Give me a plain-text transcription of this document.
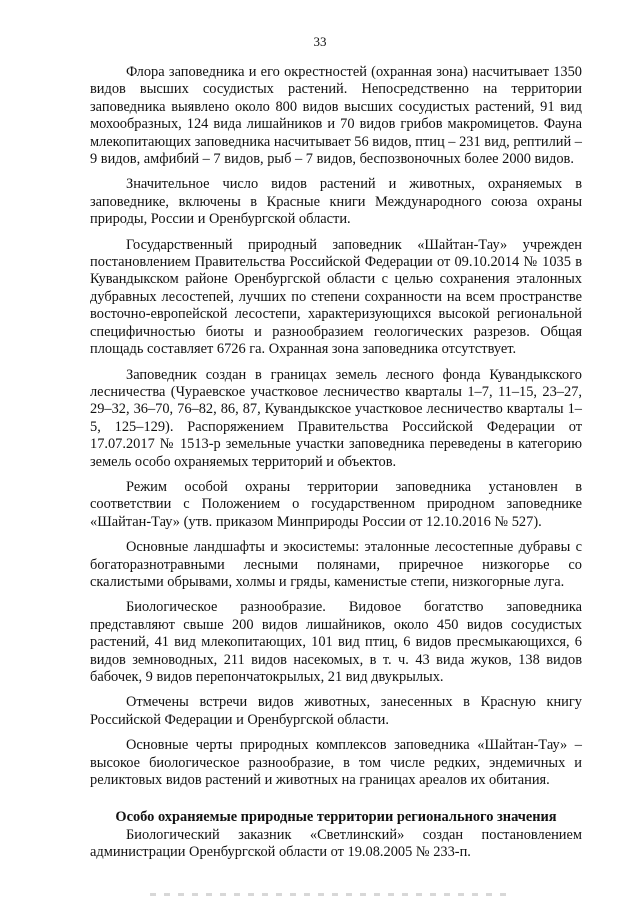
33

Флора заповедника и его окрестностей (охранная зона) насчитывает 1350 видов высших сосудистых растений. Непосредственно на территории заповедника выявлено около 800 видов высших сосудистых растений, 91 вид мохообразных, 124 вида лишайников и 70 видов грибов макромицетов. Фауна млекопитающих заповедника насчитывает 56 видов, птиц – 231 вид, рептилий – 9 видов, амфибий – 7 видов, рыб – 7 видов, беспозвоночных более 2000 видов.

Значительное число видов растений и животных, охраняемых в заповеднике, включены в Красные книги Международного союза охраны природы, России и Оренбургской области.

Государственный природный заповедник «Шайтан-Тау» учрежден постановлением Правительства Российской Федерации от 09.10.2014 № 1035 в Кувандыкском районе Оренбургской области с целью сохранения эталонных дубравных лесостепей, лучших по степени сохранности на всем пространстве восточно-европейской лесостепи, характеризующихся высокой региональной специфичностью биоты и разнообразием геологических разрезов. Общая площадь составляет 6726 га. Охранная зона заповедника отсутствует.

Заповедник создан в границах земель лесного фонда Кувандыкского лесничества (Чураевское участковое лесничество кварталы 1–7, 11–15, 23–27, 29–32, 36–70, 76–82, 86, 87, Кувандыкское участковое лесничество кварталы 1–5, 125–129). Распоряжением Правительства Российской Федерации от 17.07.2017 № 1513-р земельные участки заповедника переведены в категорию земель особо охраняемых территорий и объектов.

Режим особой охраны территории заповедника установлен в соответствии с Положением о государственном природном заповеднике «Шайтан-Тау» (утв. приказом Минприроды России от 12.10.2016 № 527).

Основные ландшафты и экосистемы: эталонные лесостепные дубравы с богаторазнотравными лесными полянами, приречное низкогорье со скалистыми обрывами, холмы и гряды, каменистые степи, низкогорные луга.

Биологическое разнообразие. Видовое богатство заповедника представляют свыше 200 видов лишайников, около 450 видов сосудистых растений, 41 вид млекопитающих, 101 вид птиц, 6 видов пресмыкающихся, 6 видов земноводных, 211 видов насекомых, в т. ч. 43 вида жуков, 138 видов бабочек, 9 видов перепончатокрылых, 21 вид двукрылых.

Отмечены встречи видов животных, занесенных в Красную книгу Российской Федерации и Оренбургской области.

Основные черты природных комплексов заповедника «Шайтан-Тау» – высокое биологическое разнообразие, в том числе редких, эндемичных и реликтовых видов растений и животных на границах ареалов их обитания.

Особо охраняемые природные территории регионального значения

Биологический заказник «Светлинский» создан постановлением администрации Оренбургской области от 19.08.2005 № 233-п.
